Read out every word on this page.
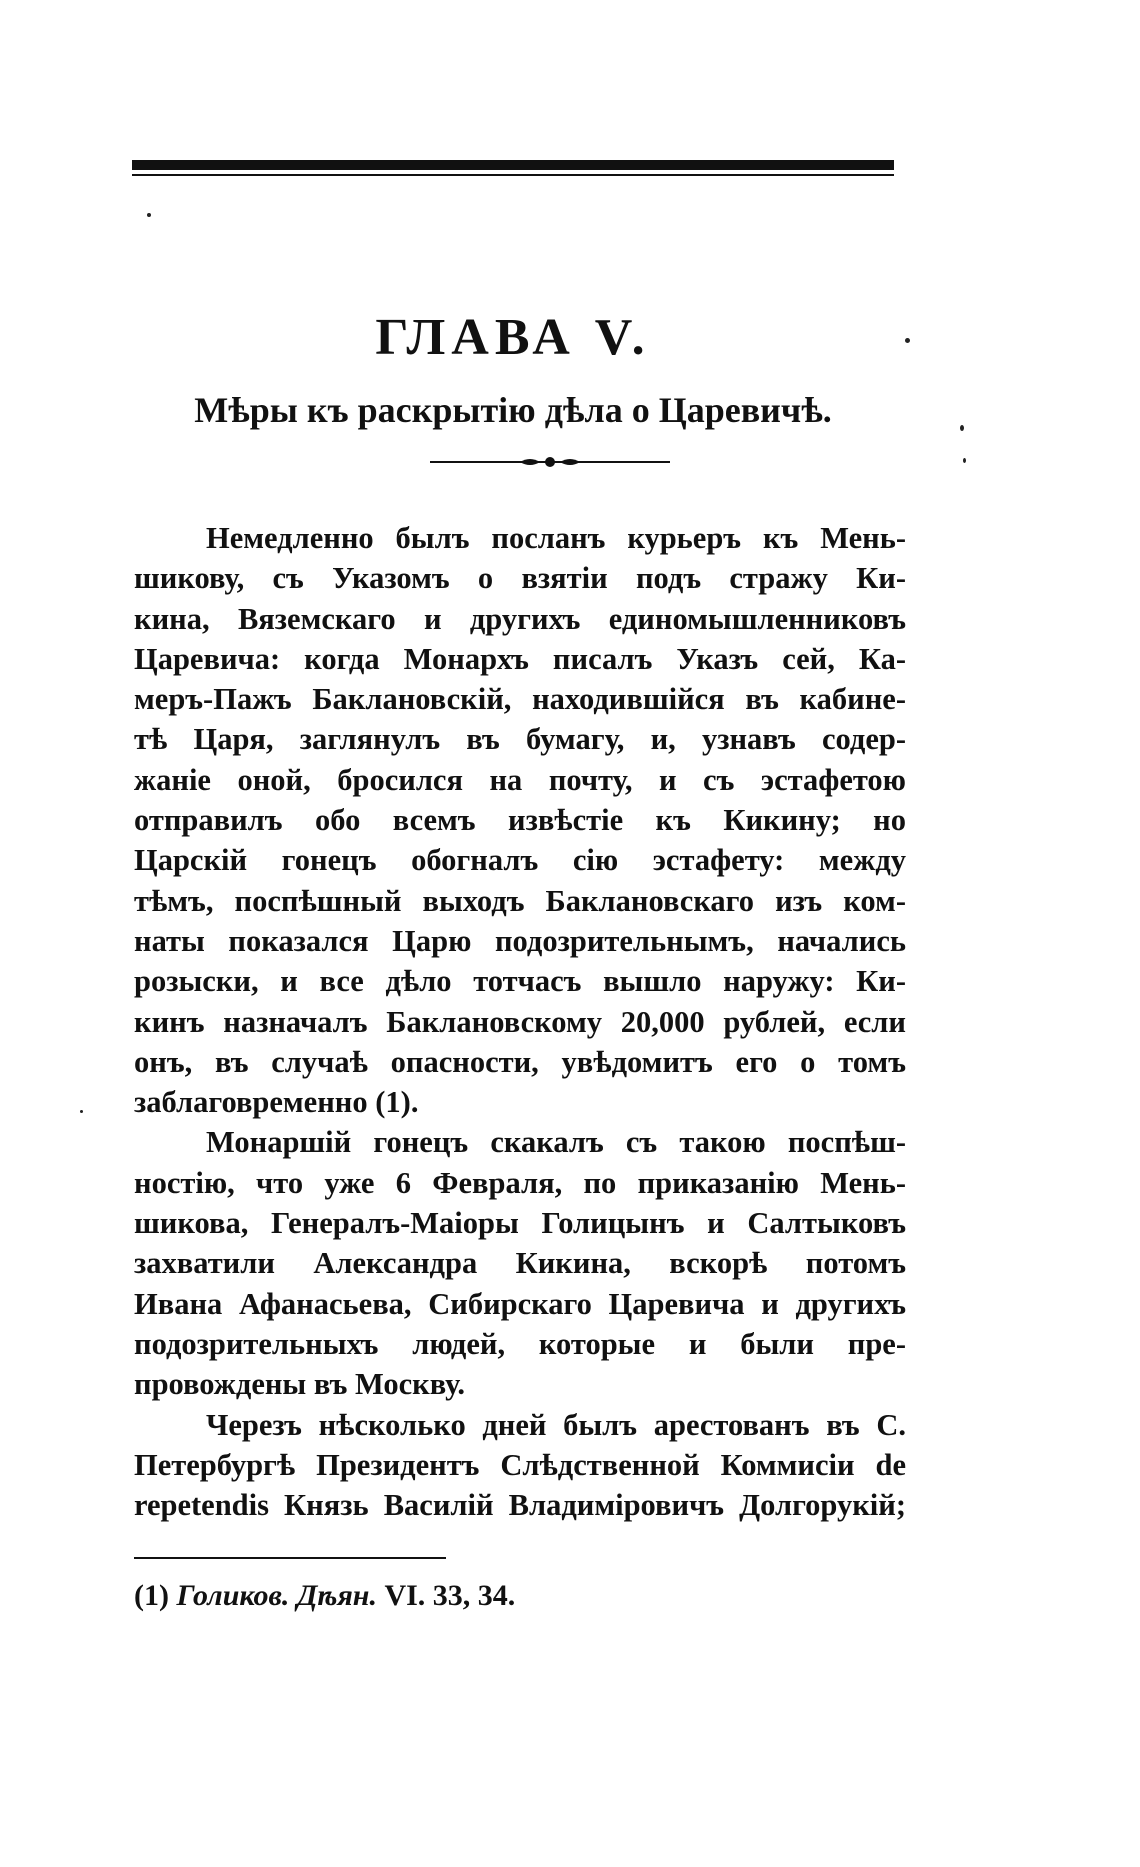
ГЛАВА V.
Мѣры къ раскрытію дѣла о Царевичѣ.
Немедленно былъ посланъ курьеръ къ Мень-
шикову, съ Указомъ о взятіи подъ стражу Ки-
кина, Вяземскаго и другихъ единомышленниковъ
Царевича: когда Монархъ писалъ Указъ сей, Ка-
меръ-Пажъ Баклановскій, находившійся въ кабине-
тѣ Царя, заглянулъ въ бумагу, и, узнавъ содер-
жаніе оной, бросился на почту, и съ эстафетою
отправилъ обо всемъ извѣстіе къ Кикину; но
Царскій гонецъ обогналъ сію эстафету: между
тѣмъ, поспѣшный выходъ Баклановскаго изъ ком-
наты показался Царю подозрительнымъ, начались
розыски, и все дѣло тотчасъ вышло наружу: Ки-
кинъ назначалъ Баклановскому 20,000 рублей, если
онъ, въ случаѣ опасности, увѣдомитъ его о томъ
заблаговременно (1).
Монаршій гонецъ скакалъ съ такою поспѣш-
ностію, что уже 6 Февраля, по приказанію Мень-
шикова, Генералъ-Маіоры Голицынъ и Салтыковъ
захватили Александра Кикина, вскорѣ потомъ
Ивана Афанасьева, Сибирскаго Царевича и другихъ
подозрительныхъ людей, которые и были пре-
провождены въ Москву.
Черезъ нѣсколько дней былъ арестованъ въ С.
Петербургѣ Президентъ Слѣдственной Коммисіи de
repetendis Князь Василій Владиміровичъ Долгорукій;
(1) Голиков. Дѣян. VI. 33, 34.
